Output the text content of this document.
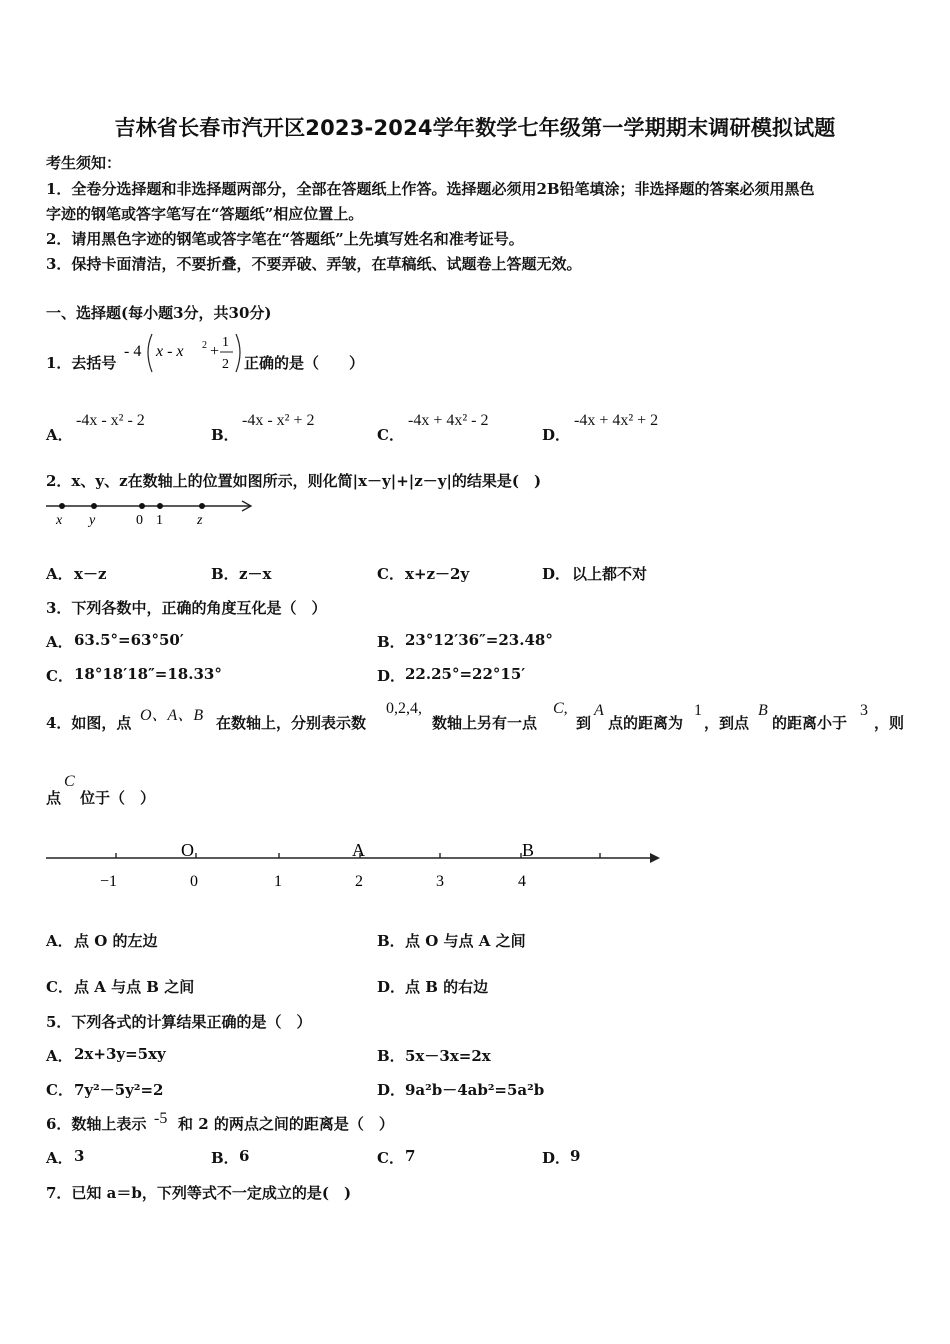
吉林省长春市汽开区2023-2024学年数学七年级第一学期期末调研模拟试题
考生须知：
1．全卷分选择题和非选择题两部分，全部在答题纸上作答。选择题必须用2B铅笔填涂；非选择题的答案必须用黑色
字迹的钢笔或答字笔写在“答题纸”相应位置上。
2．请用黑色字迹的钢笔或答字笔在“答题纸”上先填写姓名和准考证号。
3．保持卡面清洁，不要折叠，不要弄破、弄皱，在草稿纸、试题卷上答题无效。
一、选择题(每小题3分，共30分)
1．去括号
- 4 x - x 2 +
1
2 正确的是（　　）
A．
-4x - x² - 2
B．
-4x - x² + 2
C．
-4x + 4x² - 2
D．
-4x + 4x² + 2
2．x、y、z在数轴上的位置如图所示，则化简|x－y|+|z－y|的结果是(　)
x y	0 1 z
A． x－z	B． z－x	C． x+z－2y	D． 以上都不对
3．下列各数中，正确的角度互化是（　）
A． 63.5°=63°50′	B． 23°12′36″=23.48°
C． 18°18′18″=18.33°	D． 22.25°=22°15′
4．如图，点 O、A、B 在数轴上，分别表示数
0,2,4,
数轴上另有一点
C,
到
A
点的距离为
1
，到点
B
的距离小于
3
，则
点
C
位于（　）
O	A	B
−1	0	1	2	3	4
A． 点 O 的左边	B． 点 O 与点 A 之间
C． 点 A 与点 B 之间	D． 点 B 的右边
5．下列各式的计算结果正确的是（　）
A． 2x+3y=5xy	B． 5x－3x=2x
C． 7y²－5y²=2	D． 9a²b－4ab²=5a²b
6．数轴上表示 -5 和 2 的两点之间的距离是（　）
A． 3	B． 6	C． 7	D． 9
7．已知 a＝b，下列等式不一定成立的是(　)
